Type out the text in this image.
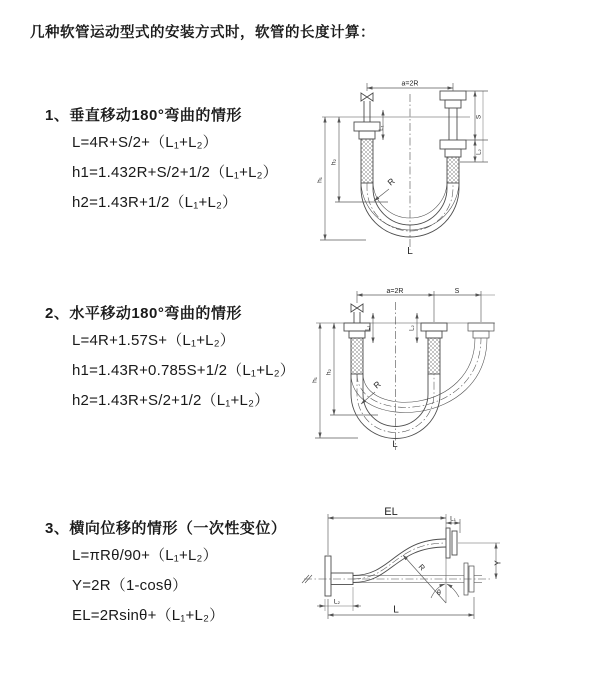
几种软管运动型式的安装方式时，软管的长度计算：
1、垂直移动180°弯曲的情形
L=4R+S/2+（L₁+L₂）
h1=1.432R+S/2+1/2（L₁+L₂）
h2=1.43R+1/2（L₁+L₂）
2、水平移动180°弯曲的情形
L=4R+1.57S+（L₁+L₂）
h1=1.43R+0.785S+1/2（L₁+L₂）
h2=1.43R+S/2+1/2（L₁+L₂）
3、横向位移的情形（一次性变位）
L=πRθ/90+（L₁+L₂）
Y=2R（1-cosθ）
EL=2Rsinθ+（L₁+L₂）
a=2R
h₁
h₂
L₁
S
L₂
R
L
a=2R	S
h₁
h₂
L₁	L₂
R
L
EL
L₁
Y
R
θ
L
L₂
